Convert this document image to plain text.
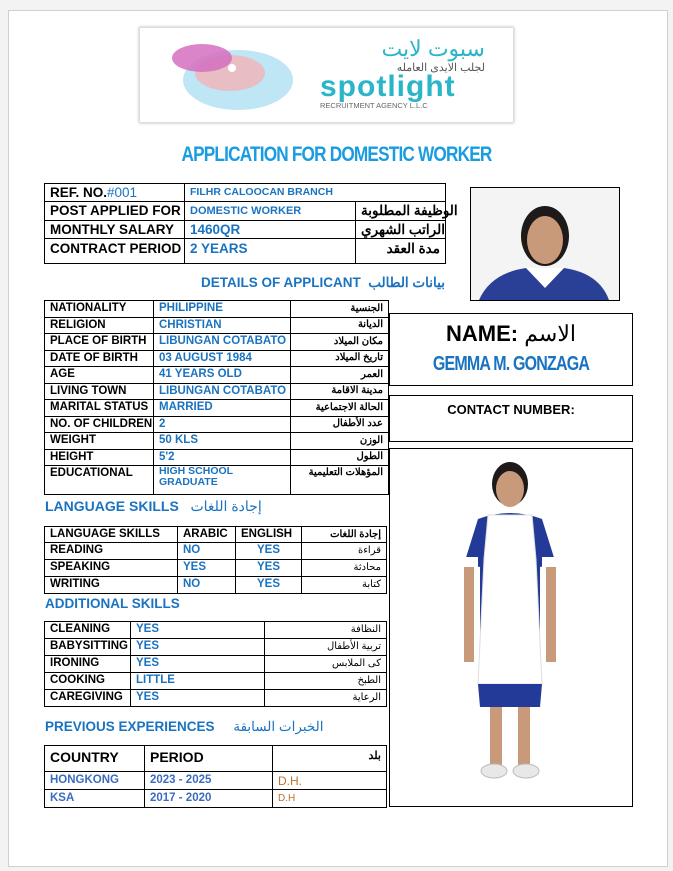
سبوت لايت
لجلب الايدى العامله
spotlight
RECRUITMENT AGENCY L.L.C
APPLICATION FOR DOMESTIC WORKER
REF. NO.#001	FILHR CALOOCAN BRANCH	
POST APPLIED FOR	DOMESTIC WORKER	الوظيفة المطلوبة
MONTHLY SALARY	1460QR	الراتب الشهري
CONTRACT PERIOD	2 YEARS	مدة العقد
DETAILS OF APPLICANT بيانات الطالب
NATIONALITY	PHILIPPINE	الجنسية
RELIGION	CHRISTIAN	الديانة
PLACE OF BIRTH	LIBUNGAN COTABATO	مكان الميلاد
DATE OF BIRTH	03 AUGUST 1984	تاريخ الميلاد
AGE	41 YEARS OLD	العمر
LIVING TOWN	LIBUNGAN COTABATO	مدينة الاقامة
MARITAL STATUS	MARRIED	الحالة الاجتماعية
NO. OF CHILDREN	2	عدد الأطفال
WEIGHT	50 KLS	الوزن
HEIGHT	5'2	الطول
EDUCATIONAL	HIGH SCHOOL GRADUATE	المؤهلات التعليمية
LANGUAGE SKILLS إجادة اللغات
LANGUAGE SKILLS	ARABIC	ENGLISH	إجادة اللغات
READING	NO	YES	قراءة
SPEAKING	YES	YES	محادثة
WRITING	NO	YES	كتابة
ADDITIONAL SKILLS
CLEANING	YES	النظافة
BABYSITTING	YES	تربية الأطفال
IRONING	YES	كى الملابس
COOKING	LITTLE	الطبخ
CAREGIVING	YES	الرعاية
PREVIOUS EXPERIENCES الخبرات السابقة
COUNTRY	PERIOD	بلد
HONGKONG	2023 - 2025	D.H.
KSA	2017 - 2020	D.H
NAME: الاسم
GEMMA M. GONZAGA
CONTACT NUMBER:
